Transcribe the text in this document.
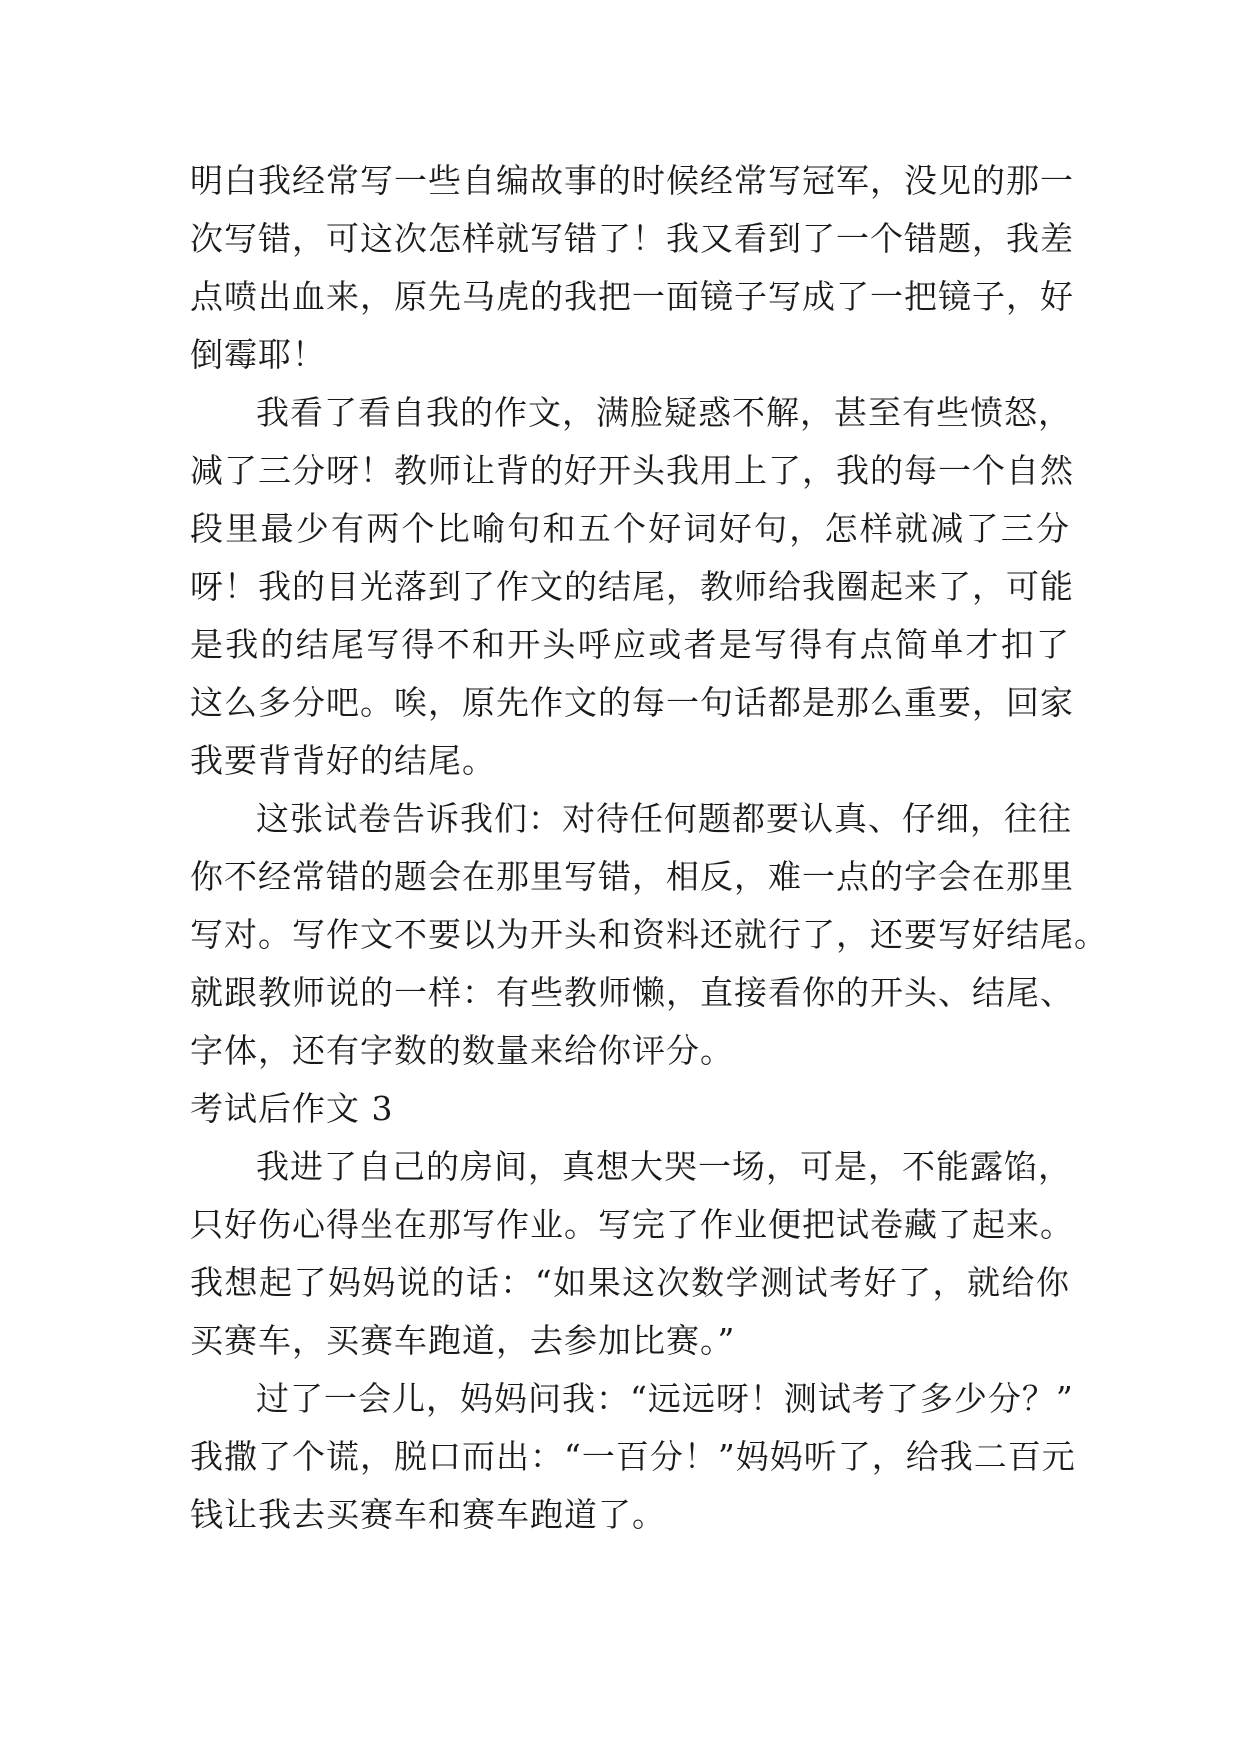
明白我经常写一些自编故事的时候经常写冠军，没见的那一
次写错，可这次怎样就写错了！我又看到了一个错题，我差
点喷出血来，原先马虎的我把一面镜子写成了一把镜子，好
倒霉耶！
我看了看自我的作文，满脸疑惑不解，甚至有些愤怒，
减了三分呀！教师让背的好开头我用上了，我的每一个自然
段里最少有两个比喻句和五个好词好句，怎样就减了三分
呀！我的目光落到了作文的结尾，教师给我圈起来了，可能
是我的结尾写得不和开头呼应或者是写得有点简单才扣了
这么多分吧。唉，原先作文的每一句话都是那么重要，回家
我要背背好的结尾。
这张试卷告诉我们：对待任何题都要认真、仔细，往往
你不经常错的题会在那里写错，相反，难一点的字会在那里
写对。写作文不要以为开头和资料还就行了，还要写好结尾。
就跟教师说的一样：有些教师懒，直接看你的开头、结尾、
字体，还有字数的数量来给你评分。
考试后作文 3
我进了自己的房间，真想大哭一场，可是，不能露馅，
只好伤心得坐在那写作业。写完了作业便把试卷藏了起来。
我想起了妈妈说的话：“如果这次数学测试考好了，就给你
买赛车，买赛车跑道，去参加比赛。”
过了一会儿，妈妈问我：“远远呀！测试考了多少分？”
我撒了个谎，脱口而出：“一百分！”妈妈听了，给我二百元
钱让我去买赛车和赛车跑道了。
